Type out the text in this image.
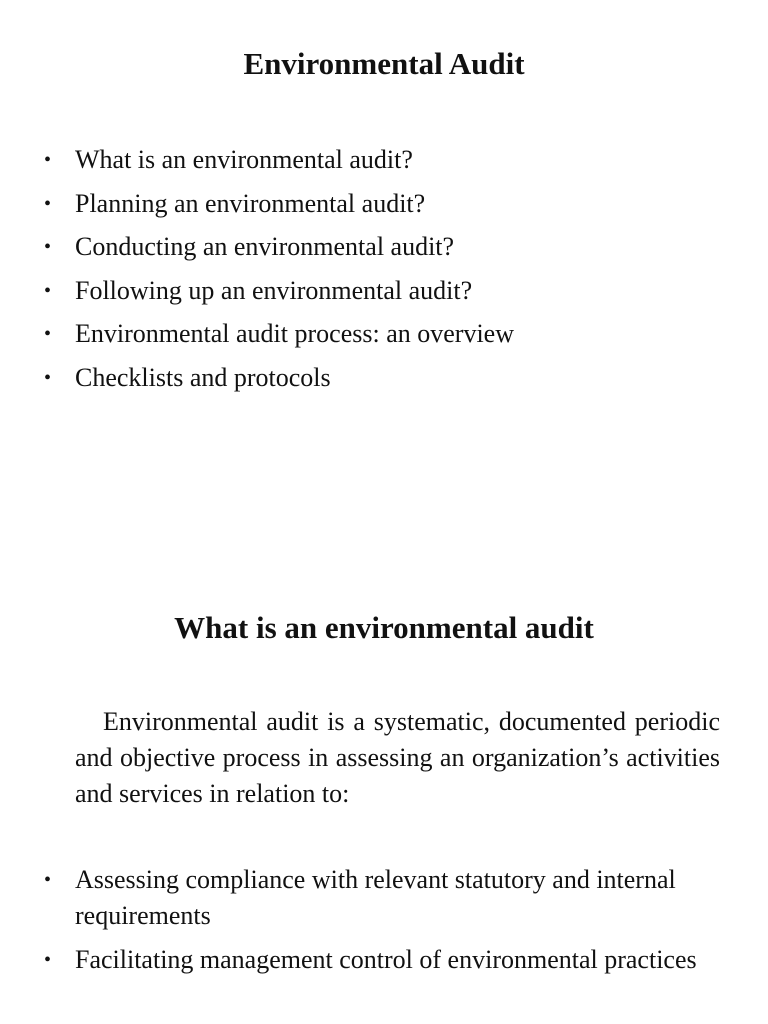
Environmental Audit
• What is an environmental audit?
• Planning an environmental audit?
• Conducting an environmental audit?
• Following up an environmental audit?
• Environmental audit process: an overview
• Checklists and protocols
What is an environmental audit

Environmental audit is a systematic, documented periodic and objective process in assessing an organization’s activities and services in relation to:

• Assessing compliance with relevant statutory and internal requirements
• Facilitating management control of environmental practices
